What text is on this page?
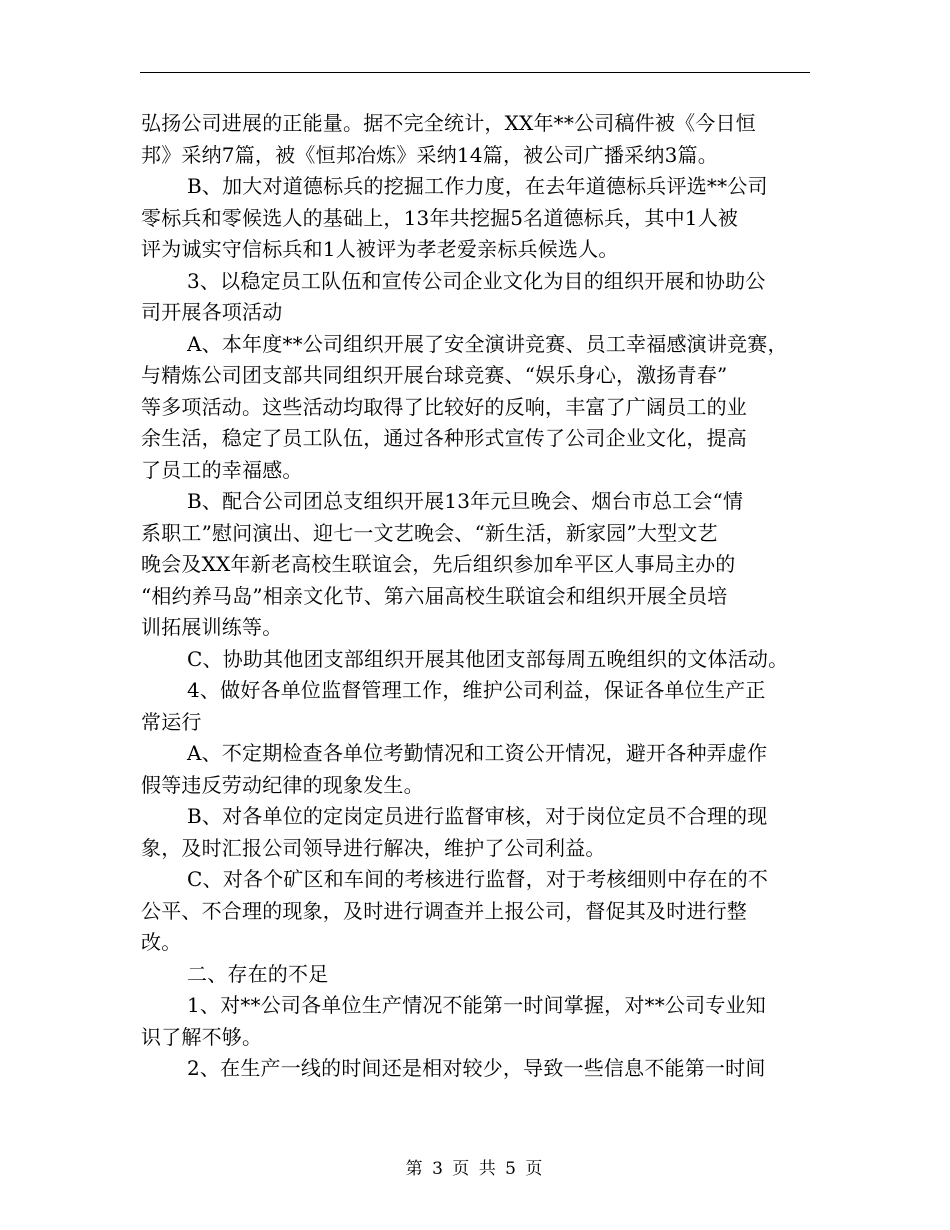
弘扬公司进展的正能量。据不完全统计，XX年**公司稿件被《今日恒
邦》采纳7篇，被《恒邦冶炼》采纳14篇，被公司广播采纳3篇。
B、加大对道德标兵的挖掘工作力度，在去年道德标兵评选**公司
零标兵和零候选人的基础上，13年共挖掘5名道德标兵，其中1人被
评为诚实守信标兵和1人被评为孝老爱亲标兵候选人。
3、以稳定员工队伍和宣传公司企业文化为目的组织开展和协助公
司开展各项活动
A、本年度**公司组织开展了安全演讲竞赛、员工幸福感演讲竞赛，
与精炼公司团支部共同组织开展台球竞赛、“娱乐身心，激扬青春”
等多项活动。这些活动均取得了比较好的反响，丰富了广阔员工的业
余生活，稳定了员工队伍，通过各种形式宣传了公司企业文化，提高
了员工的幸福感。
B、配合公司团总支组织开展13年元旦晚会、烟台市总工会“情
系职工”慰问演出、迎七一文艺晚会、“新生活，新家园”大型文艺
晚会及XX年新老高校生联谊会，先后组织参加牟平区人事局主办的
“相约养马岛”相亲文化节、第六届高校生联谊会和组织开展全员培
训拓展训练等。
C、协助其他团支部组织开展其他团支部每周五晚组织的文体活动。
4、做好各单位监督管理工作，维护公司利益，保证各单位生产正
常运行
A、不定期检查各单位考勤情况和工资公开情况，避开各种弄虚作
假等违反劳动纪律的现象发生。
B、对各单位的定岗定员进行监督审核，对于岗位定员不合理的现
象，及时汇报公司领导进行解决，维护了公司利益。
C、对各个矿区和车间的考核进行监督，对于考核细则中存在的不
公平、不合理的现象，及时进行调查并上报公司，督促其及时进行整
改。
二、存在的不足
1、对**公司各单位生产情况不能第一时间掌握，对**公司专业知
识了解不够。
2、在生产一线的时间还是相对较少，导致一些信息不能第一时间
第 3 页 共 5 页
